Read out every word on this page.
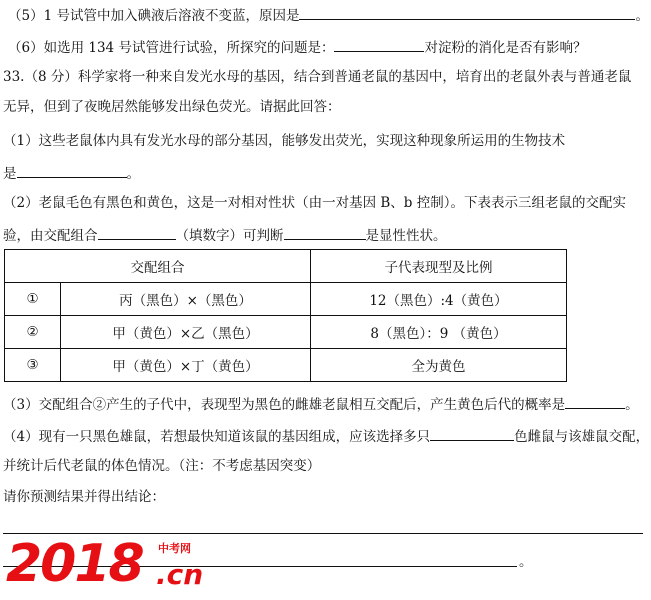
（5）1 号试管中加入碘液后溶液不变蓝，原因是	。
（6）如选用 134 号试管进行试验，所探究的问题是：	对淀粉的消化是否有影响？
33.（8 分）科学家将一种来自发光水母的基因，结合到普通老鼠的基因中，培育出的老鼠外表与普通老鼠
无异，但到了夜晚居然能够发出绿色荧光。请据此回答：
（1）这些老鼠体内具有发光水母的部分基因，能够发出荧光，实现这种现象所运用的生物技术
是	。
（2）老鼠毛色有黑色和黄色，这是一对相对性状（由一对基因 B、b 控制）。下表表示三组老鼠的交配实
验，由交配组合	（填数字）可判断	是显性性状。
交配组合		子代表现型及比例
①	丙（黑色）×（黑色）	12（黑色）:4（黄色）
②	甲（黄色）×乙（黑色）	8（黑色）：9 （黄色）
③	甲（黄色）×丁（黄色）	全为黄色
（3）交配组合②产生的子代中，表现型为黑色的雌雄老鼠相互交配后，产生黄色后代的概率是	。
（4）现有一只黑色雄鼠，若想最快知道该鼠的基因组成，应该选择多只	色雌鼠与该雄鼠交配，
并统计后代老鼠的体色情况。（注：不考虑基因突变）
请你预测结果并得出结论：
。
2018 中考网
.cn
